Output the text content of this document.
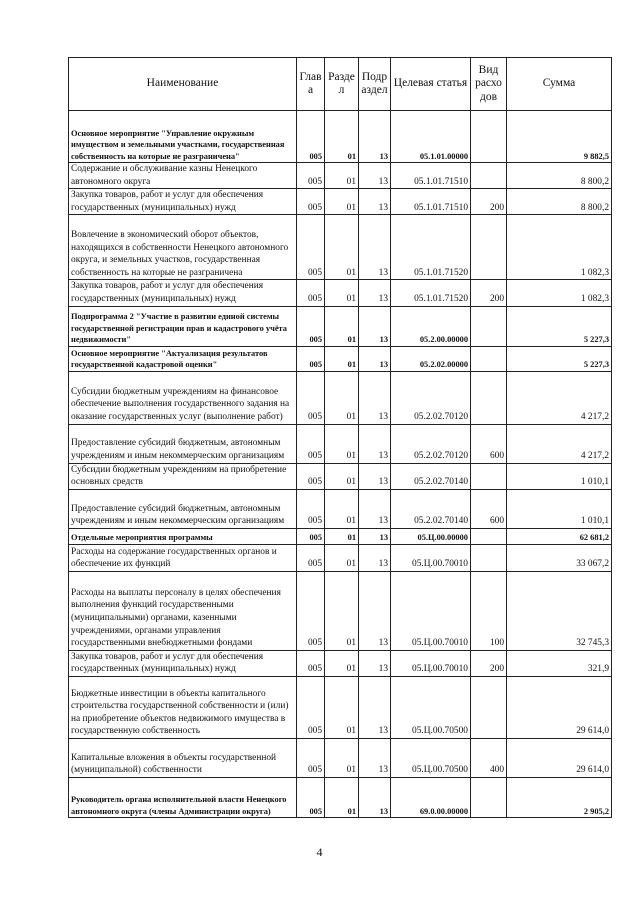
Наименование	Глав а	Разде л	Подр аздел	Целевая статья	Вид расхо дов	Сумма
Основное мероприятие "Управление окружным имуществом и земельными участками, государственная собственность на которые не разграничена"	005	01	13	05.1.01.00000		9 882,5
Содержание и обслуживание казны Ненецкого автономного округа	005	01	13	05.1.01.71510		8 800,2
Закупка товаров, работ и услуг для обеспечения государственных (муниципальных) нужд	005	01	13	05.1.01.71510	200	8 800,2
Вовлечение в экономический оборот объектов, находящихся в собственности Ненецкого автономного округа, и земельных участков, государственная собственность на которые не разграничена	005	01	13	05.1.01.71520		1 082,3
Закупка товаров, работ и услуг для обеспечения государственных (муниципальных) нужд	005	01	13	05.1.01.71520	200	1 082,3
Подпрограмма 2 "Участие в развитии единой системы государственной регистрации прав и кадастрового учёта недвижимости"	005	01	13	05.2.00.00000		5 227,3
Основное мероприятие "Актуализация результатов государственной кадастровой оценки"	005	01	13	05.2.02.00000		5 227,3
Субсидии бюджетным учреждениям на финансовое обеспечение выполнения государственного задания на оказание государственных услуг (выполнение работ)	005	01	13	05.2.02.70120		4 217,2
Предоставление субсидий бюджетным, автономным учреждениям и иным некоммерческим организациям	005	01	13	05.2.02.70120	600	4 217,2
Субсидии бюджетным учреждениям на приобретение основных средств	005	01	13	05.2.02.70140		1 010,1
Предоставление субсидий бюджетным, автономным учреждениям и иным некоммерческим организациям	005	01	13	05.2.02.70140	600	1 010,1
Отдельные мероприятия программы	005	01	13	05.Ц.00.00000		62 681,2
Расходы на содержание государственных органов и обеспечение их функций	005	01	13	05.Ц.00.70010		33 067,2
Расходы на выплаты персоналу в целях обеспечения выполнения функций государственными (муниципальными) органами, казенными учреждениями, органами управления государственными внебюджетными фондами	005	01	13	05.Ц.00.70010	100	32 745,3
Закупка товаров, работ и услуг для обеспечения государственных (муниципальных) нужд	005	01	13	05.Ц.00.70010	200	321,9
Бюджетные инвестиции в объекты капитального строительства государственной собственности и (или) на приобретение объектов недвижимого имущества в государственную собственность	005	01	13	05.Ц.00.70500		29 614,0
Капитальные вложения в объекты государственной (муниципальной) собственности	005	01	13	05.Ц.00.70500	400	29 614,0
Руководитель органа исполнительной власти Ненецкого автономного округа (члены Администрации округа)	005	01	13	69.0.00.00000		2 905,2
4
